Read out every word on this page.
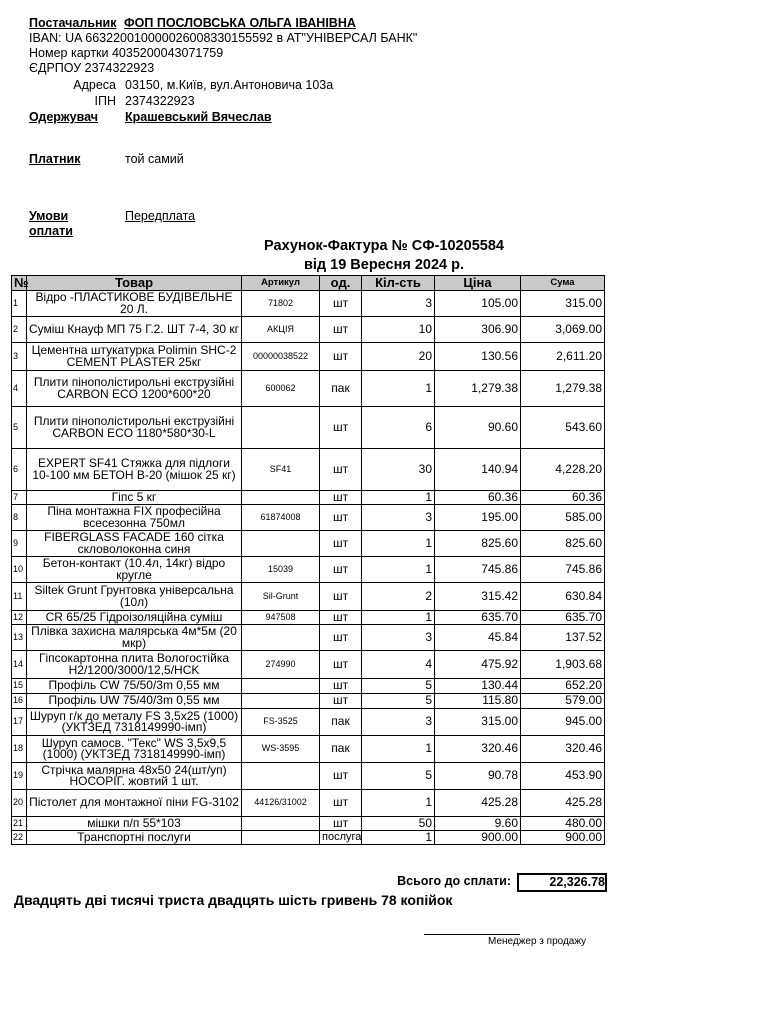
Постачальник ФОП ПОСЛОВСЬКА ОЛЬГА ІВАНІВНА
IBAN: UA 663220010000026008330155592 в АТ"УНІВЕРСАЛ БАНК"
Номер картки 4035200043071759
ЄДРПОУ 2374322923
Адреса 03150, м.Київ, вул.Антоновича 103а
ІПН 2374322923
Одержувач Крашевський Вячеслав
Платник	той самий
Умови
оплати
Передплата
Рахунок-Фактура № СФ-10205584
від 19 Вересня 2024 р.
№	Товар	Артикул	од.	Кіл-сть	Ціна	Сума
1	Відро -ПЛАСТИКОВЕ БУДІВЕЛЬНЕ 20 Л.	71802	шт	3	105.00	315.00
2	Суміш Кнауф МП 75 Г.2. ШТ 7-4, 30 кг	АКЦІЯ	шт	10	306.90	3,069.00
3	Цементна штукатурка Polimin SHC-2 CEMENT PLASTER 25кг	00000038522	шт	20	130.56	2,611.20
4	Плити пінополістирольні екструзійні CARBON ECO 1200*600*20	600062	пак	1	1,279.38	1,279.38
5	Плити пінополістирольні екструзійні CARBON ECO 1180*580*30-L		шт	6	90.60	543.60
6	EXPERT SF41 Стяжка для підлоги 10-100 мм БЕТОН В-20 (мішок 25 кг)	SF41	шт	30	140.94	4,228.20
7	Гіпс 5 кг		шт	1	60.36	60.36
8	Піна монтажна FIX професійна всесезонна 750мл	61874008	шт	3	195.00	585.00
9	FIBERGLASS FACADE 160 сітка скловолоконна синя		шт	1	825.60	825.60
10	Бетон-контакт (10.4л, 14кг) відро кругле	15039	шт	1	745.86	745.86
11	Siltek Grunt Грунтовка універсальна (10л)	Sil-Grunt	шт	2	315.42	630.84
12	CR 65/25 Гідроізоляційна суміш	947508	шт	1	635.70	635.70
13	Плівка захисна малярська 4м*5м (20 мкр)		шт	3	45.84	137.52
14	Гіпсокартонна плита Вологостійка H2/1200/3000/12,5/HCK	274990	шт	4	475.92	1,903.68
15	Профіль CW 75/50/3m 0,55 мм		шт	5	130.44	652.20
16	Профіль UW 75/40/3m 0,55 мм		шт	5	115.80	579.00
17	Шуруп г/к до металу FS 3,5х25 (1000) (УКТЗЕД 7318149990-імп)	FS-3525	пак	3	315.00	945.00
18	Шуруп самосв. "Текс" WS 3,5х9,5 (1000) (УКТЗЕД 7318149990-імп)	WS-3595	пак	1	320.46	320.46
19	Стрічка малярна 48х50 24(шт/уп) НОСОРІГ. жовтий 1 шт.		шт	5	90.78	453.90
20	Пістолет для монтажної піни FG-3102	44126/31002	шт	1	425.28	425.28
21	мішки п/п 55*103		шт	50	9.60	480.00
22	Транспортні послуги		послуга	1	900.00	900.00
Всього до сплати:	22,326.78
Двадцять дві тисячі триста двадцять шість гривень 78 копійок
Менеджер з продажу
